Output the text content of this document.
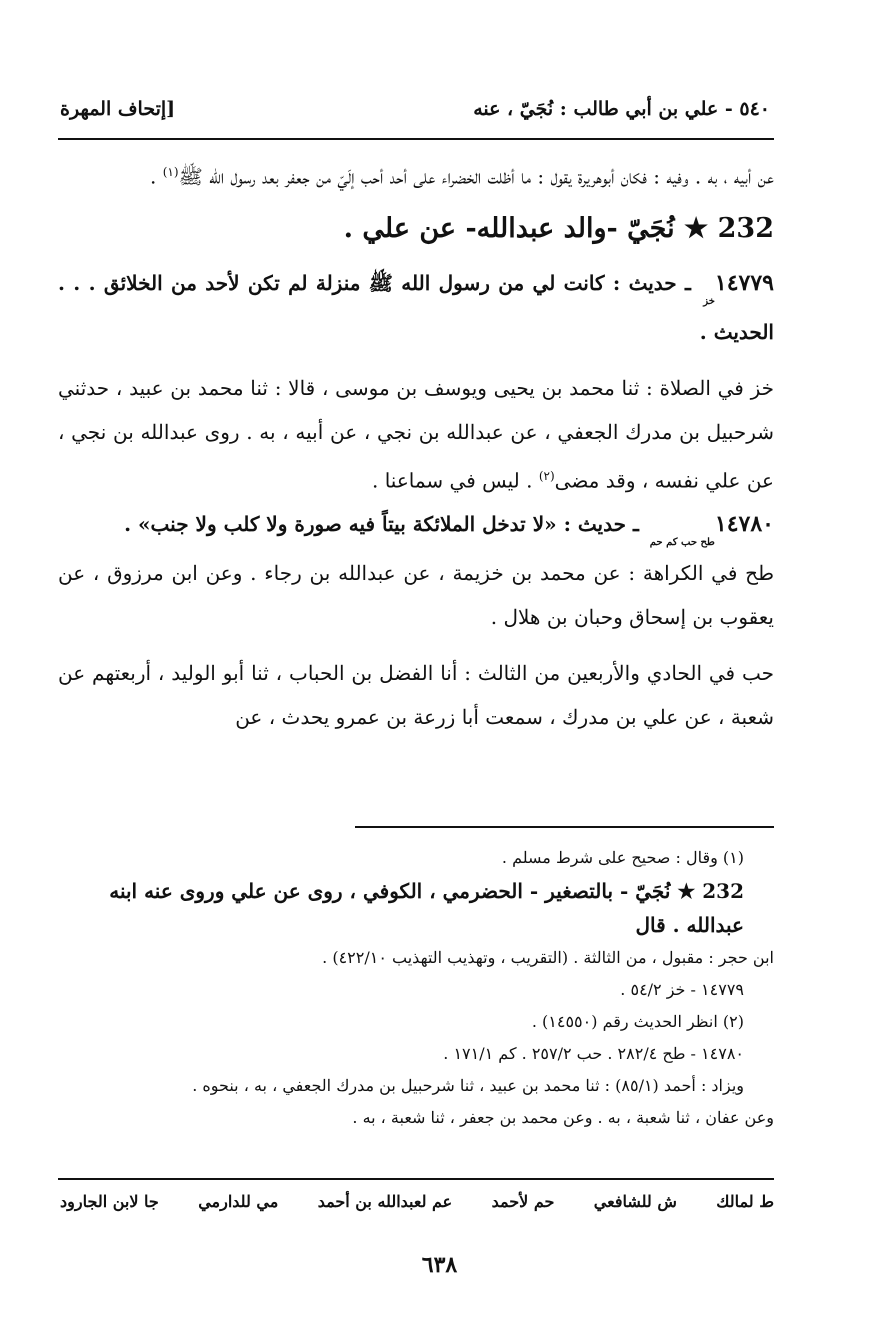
٥٤٠ - علي بن أبي طالب : نُجَيّ ، عنه
[إتحاف المهرة

عن أبيه ، به . وفيه : فكان أبوهريرة يقول : ما أظلت الخضراء على أحد أحب إلَيّ من جعفر بعد رسول الله ﷺ$^{(١)}$ .

232 ★ نُجَيّ -والد عبدالله- عن علي .

١٤٧٧٩خز ـ حديث : كانت لي من رسول الله ﷺ منزلة لم تكن لأحد من الخلائق . . . الحديث .

خز في الصلاة : ثنا محمد بن يحيى ويوسف بن موسى ، قالا : ثنا محمد بن عبيد ، حدثني شرحبيل بن مدرك الجعفي ، عن عبدالله بن نجي ، عن أبيه ، به . روى عبدالله بن نجي ، عن علي نفسه ، وقد مضى$^{(٢)}$ . ليس في سماعنا .

١٤٧٨٠طح حب كم حم ـ حديث : «لا تدخل الملائكة بيتاً فيه صورة ولا كلب ولا جنب» .

طح في الكراهة : عن محمد بن خزيمة ، عن عبدالله بن رجاء . وعن ابن مرزوق ، عن يعقوب بن إسحاق وحبان بن هلال .

حب في الحادي والأربعين من الثالث : أنا الفضل بن الحباب ، ثنا أبو الوليد ، أربعتهم عن شعبة ، عن علي بن مدرك ، سمعت أبا زرعة بن عمرو يحدث ، عن

(١) وقال : صحيح على شرط مسلم .

232 ★ نُجَيّ - بالتصغير - الحضرمي ، الكوفي ، روى عن علي وروى عنه ابنه عبدالله . قال

ابن حجر : مقبول ، من الثالثة . (التقريب ، وتهذيب التهذيب ٤٢٢/١٠) .

١٤٧٧٩ - خز ٥٤/٢ .

(٢) انظر الحديث رقم (١٤٥٥٠) .

١٤٧٨٠ - طح ٢٨٢/٤ . حب ٢٥٧/٢ . كم ١٧١/١ .

ويزاد : أحمد (٨٥/١) : ثنا محمد بن عبيد ، ثنا شرحبيل بن مدرك الجعفي ، به ، بنحوه .

وعن عفان ، ثنا شعبة ، به . وعن محمد بن جعفر ، ثنا شعبة ، به .

ط لمالك
ش للشافعي
حم لأحمد
عم لعبدالله بن أحمد
مي للدارمي
جا لابن الجارود
٦٣٨
